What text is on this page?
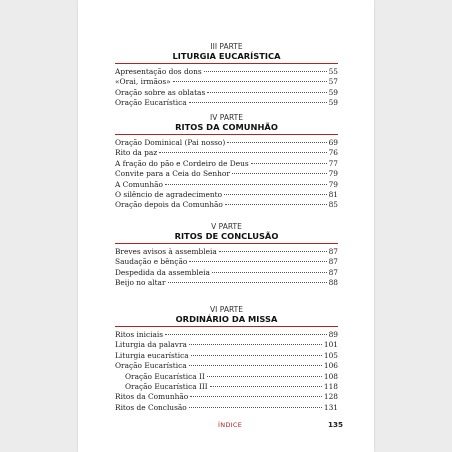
III PARTE
LITURGIA EUCARÍSTICA
Apresentação dos dons	55
«Orai, irmãos»	57
Oração sobre as oblatas	59
Oração Eucarística	59
IV PARTE
RITOS DA COMUNHÃO
Oração Dominical (Pai nosso)	69
Rito da paz	76
A fração do pão e Cordeiro de Deus	77
Convite para a Ceia do Senhor	79
A Comunhão	79
O silêncio de agradecimento	81
Oração depois da Comunhão	85
V PARTE
RITOS DE CONCLUSÃO
Breves avisos à assembleia	87
Saudação e bênção	87
Despedida da assembleia	87
Beijo no altar	88
VI PARTE
ORDINÁRIO DA MISSA
Ritos iniciais	89
Liturgia da palavra	101
Liturgia eucarística	105
Oração Eucarística	106
Oração Eucarística II	108
Oração Eucarística III	118
Ritos da Comunhão	128
Ritos de Conclusão	131
ÍNDICE	135
